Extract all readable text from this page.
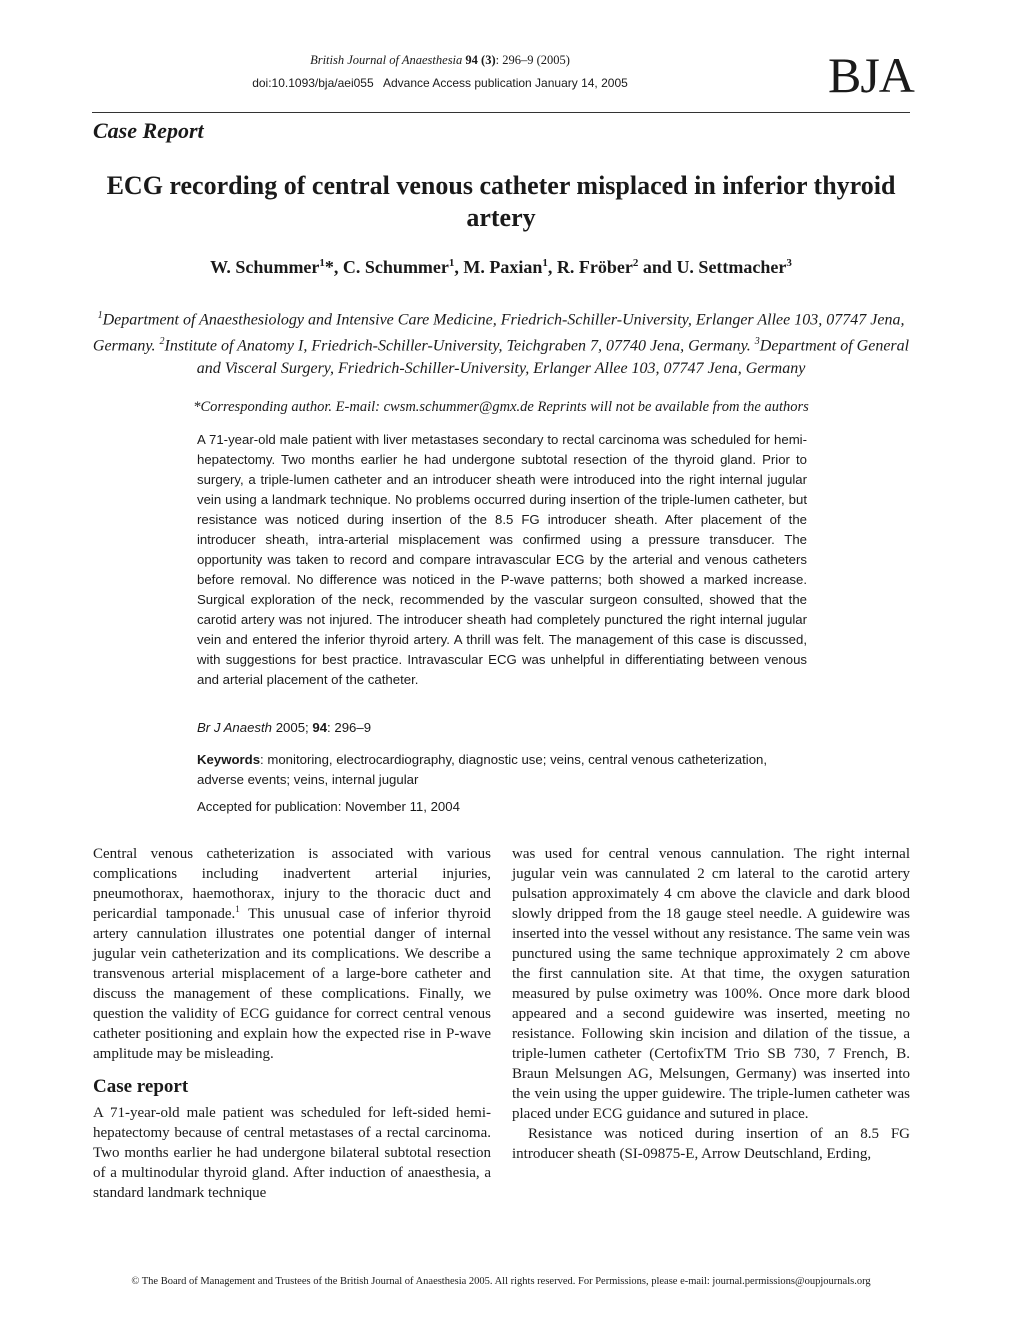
British Journal of Anaesthesia 94 (3): 296–9 (2005)
doi:10.1093/bja/aei055   Advance Access publication January 14, 2005	BJA
Case Report
ECG recording of central venous catheter misplaced in inferior thyroid artery
W. Schummer$^1$*, C. Schummer$^1$, M. Paxian$^1$, R. Fröber$^2$ and U. Settmacher$^3$
$^1$Department of Anaesthesiology and Intensive Care Medicine, Friedrich-Schiller-University, Erlanger Allee 103, 07747 Jena, Germany. $^2$Institute of Anatomy I, Friedrich-Schiller-University, Teichgraben 7, 07740 Jena, Germany. $^3$Department of General and Visceral Surgery, Friedrich-Schiller-University, Erlanger Allee 103, 07747 Jena, Germany
*Corresponding author. E-mail: cwsm.schummer@gmx.de Reprints will not be available from the authors
A 71-year-old male patient with liver metastases secondary to rectal carcinoma was scheduled for hemi-hepatectomy. Two months earlier he had undergone subtotal resection of the thyroid gland. Prior to surgery, a triple-lumen catheter and an introducer sheath were introduced into the right internal jugular vein using a landmark technique. No problems occurred during insertion of the triple-lumen catheter, but resistance was noticed during insertion of the 8.5 FG introducer sheath. After placement of the introducer sheath, intra-arterial misplacement was confirmed using a pressure transducer. The opportunity was taken to record and compare intravascular ECG by the arterial and venous catheters before removal. No difference was noticed in the P-wave patterns; both showed a marked increase. Surgical exploration of the neck, recommended by the vascular surgeon consulted, showed that the carotid artery was not injured. The introducer sheath had completely punctured the right internal jugular vein and entered the inferior thyroid artery. A thrill was felt. The management of this case is discussed, with suggestions for best practice. Intravascular ECG was unhelpful in differentiating between venous and arterial placement of the catheter.
Br J Anaesth 2005; 94: 296–9
Keywords: monitoring, electrocardiography, diagnostic use; veins, central venous catheterization, adverse events; veins, internal jugular
Accepted for publication: November 11, 2004
Central venous catheterization is associated with various complications including inadvertent arterial injuries, pneumothorax, haemothorax, injury to the thoracic duct and pericardial tamponade.$^1$ This unusual case of inferior thyroid artery cannulation illustrates one potential danger of internal jugular vein catheterization and its complications. We describe a transvenous arterial misplacement of a large-bore catheter and discuss the management of these complications. Finally, we question the validity of ECG guidance for correct central venous catheter positioning and explain how the expected rise in P-wave amplitude may be misleading.
Case report
A 71-year-old male patient was scheduled for left-sided hemi-hepatectomy because of central metastases of a rectal carcinoma. Two months earlier he had undergone bilateral subtotal resection of a multinodular thyroid gland. After induction of anaesthesia, a standard landmark technique

was used for central venous cannulation. The right internal jugular vein was cannulated 2 cm lateral to the carotid artery pulsation approximately 4 cm above the clavicle and dark blood slowly dripped from the 18 gauge steel needle. A guidewire was inserted into the vessel without any resistance. The same vein was punctured using the same technique approximately 2 cm above the first cannulation site. At that time, the oxygen saturation measured by pulse oximetry was 100%. Once more dark blood appeared and a second guidewire was inserted, meeting no resistance. Following skin incision and dilation of the tissue, a triple-lumen catheter (CertofixTM Trio SB 730, 7 French, B. Braun Melsungen AG, Melsungen, Germany) was inserted into the vein using the upper guidewire. The triple-lumen catheter was placed under ECG guidance and sutured in place.

Resistance was noticed during insertion of an 8.5 FG introducer sheath (SI-09875-E, Arrow Deutschland, Erding,

© The Board of Management and Trustees of the British Journal of Anaesthesia 2005. All rights reserved. For Permissions, please e-mail: journal.permissions@oupjournals.org
